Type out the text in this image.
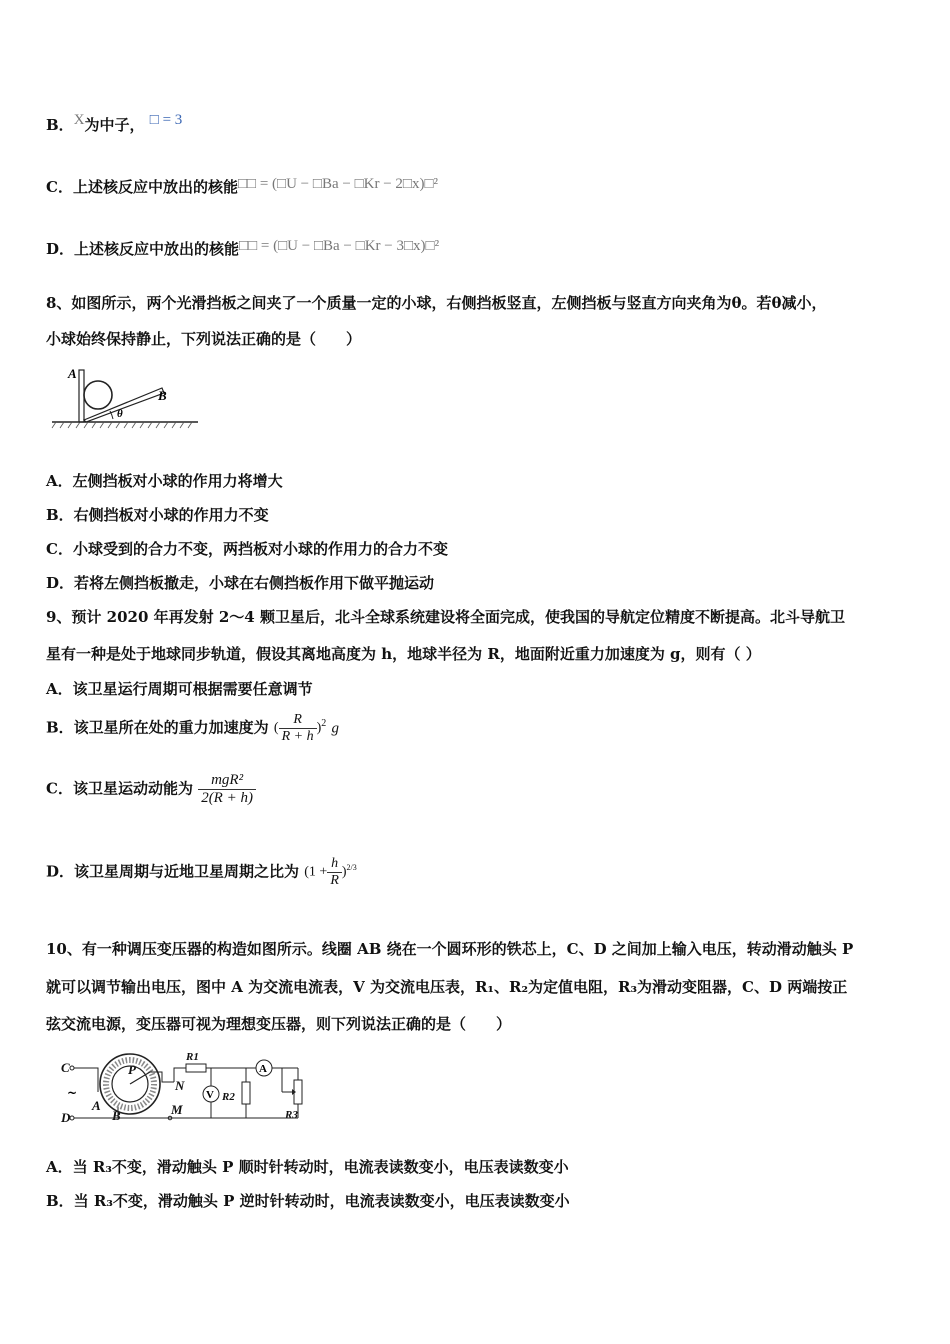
B．X为中子， □ = 3
C．上述核反应中放出的核能□□ = (□U − □Ba − □Kr − 2□x)□²
D．上述核反应中放出的核能□□ = (□U − □Ba − □Kr − 3□x)□²
8、如图所示，两个光滑挡板之间夹了一个质量一定的小球，右侧挡板竖直，左侧挡板与竖直方向夹角为θ。若θ减小，
小球始终保持静止，下列说法正确的是（　　）
A
B
θ
A．左侧挡板对小球的作用力将增大
B．右侧挡板对小球的作用力不变
C．小球受到的合力不变，两挡板对小球的作用力的合力不变
D．若将左侧挡板撤走，小球在右侧挡板作用下做平抛运动
9、预计 2020 年再发射 2～4 颗卫星后，北斗全球系统建设将全面完成，使我国的导航定位精度不断提高。北斗导航卫
星有一种是处于地球同步轨道，假设其离地高度为 h，地球半径为 R，地面附近重力加速度为 g，则有（ ）
A．该卫星运行周期可根据需要任意调节
B．该卫星所在处的重力加速度为 ( $\frac{R}{R + h} )^2$ g
C．该卫星运动动能为 $\frac{\text{mgR²}}{2(R + h)}$
D．该卫星周期与近地卫星周期之比为 $(1 + \frac{h}{R} )^{2/3}$
10、有一种调压变压器的构造如图所示。线圈 AB 绕在一个圆环形的铁芯上，C、D 之间加上输入电压，转动滑动触头 P
就可以调节输出电压，图中 A 为交流电流表，V 为交流电压表，R₁、R₂为定值电阻，R₃为滑动变阻器，C、D 两端按正
弦交流电源，变压器可视为理想变压器，则下列说法正确的是（　　）
C
D
A
B
P
N
M
R1
R2
R3
~	V
A
A．当 R₃不变，滑动触头 P 顺时针转动时，电流表读数变小，电压表读数变小
B．当 R₃不变，滑动触头 P 逆时针转动时，电流表读数变小，电压表读数变小
